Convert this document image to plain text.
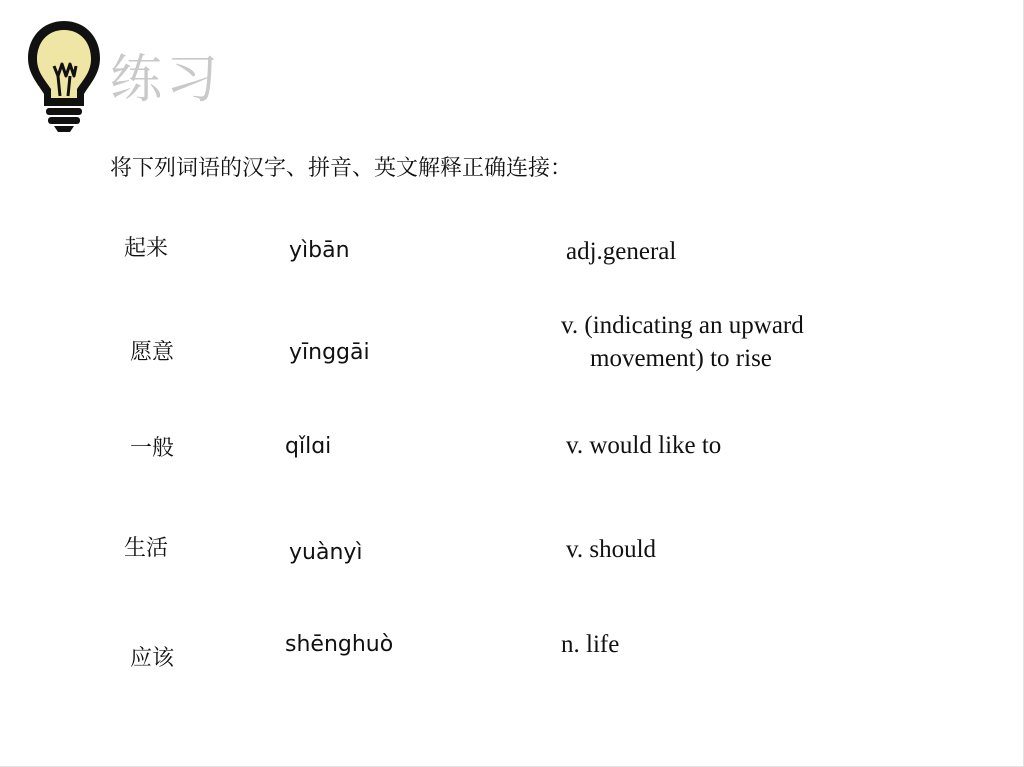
练习
将下列词语的汉字、拼音、英文解释正确连接：
起来
愿意
一般
生活
应该
yìbān
yīnggāi
qǐlɑi
yuànyì
shēnghuò
adj.general
v. (indicating an upward
movement) to rise
v. would like to
v. should
n. life
